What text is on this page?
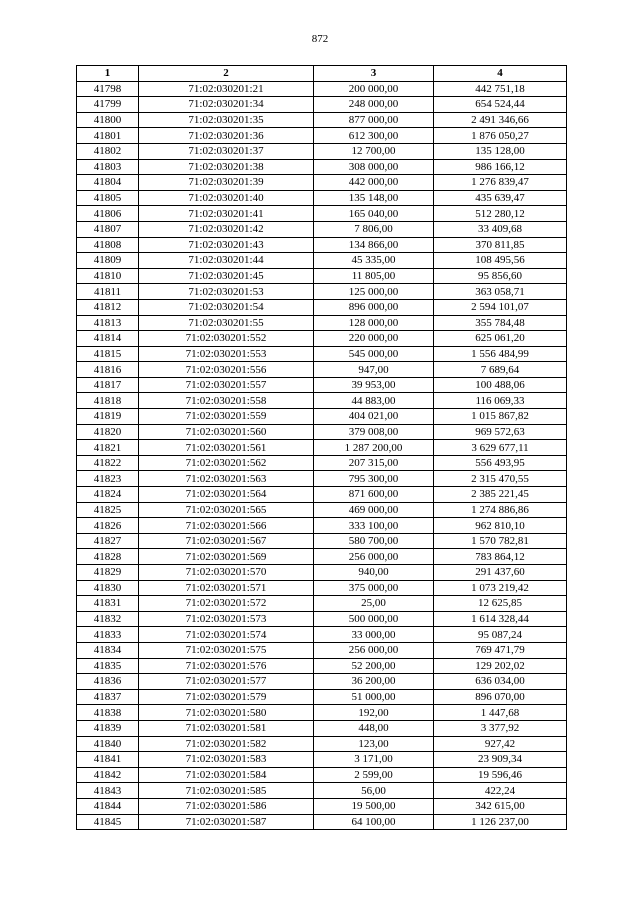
872
1	2	3	4
41798	71:02:030201:21	200 000,00	442 751,18
41799	71:02:030201:34	248 000,00	654 524,44
41800	71:02:030201:35	877 000,00	2 491 346,66
41801	71:02:030201:36	612 300,00	1 876 050,27
41802	71:02:030201:37	12 700,00	135 128,00
41803	71:02:030201:38	308 000,00	986 166,12
41804	71:02:030201:39	442 000,00	1 276 839,47
41805	71:02:030201:40	135 148,00	435 639,47
41806	71:02:030201:41	165 040,00	512 280,12
41807	71:02:030201:42	7 806,00	33 409,68
41808	71:02:030201:43	134 866,00	370 811,85
41809	71:02:030201:44	45 335,00	108 495,56
41810	71:02:030201:45	11 805,00	95 856,60
41811	71:02:030201:53	125 000,00	363 058,71
41812	71:02:030201:54	896 000,00	2 594 101,07
41813	71:02:030201:55	128 000,00	355 784,48
41814	71:02:030201:552	220 000,00	625 061,20
41815	71:02:030201:553	545 000,00	1 556 484,99
41816	71:02:030201:556	947,00	7 689,64
41817	71:02:030201:557	39 953,00	100 488,06
41818	71:02:030201:558	44 883,00	116 069,33
41819	71:02:030201:559	404 021,00	1 015 867,82
41820	71:02:030201:560	379 008,00	969 572,63
41821	71:02:030201:561	1 287 200,00	3 629 677,11
41822	71:02:030201:562	207 315,00	556 493,95
41823	71:02:030201:563	795 300,00	2 315 470,55
41824	71:02:030201:564	871 600,00	2 385 221,45
41825	71:02:030201:565	469 000,00	1 274 886,86
41826	71:02:030201:566	333 100,00	962 810,10
41827	71:02:030201:567	580 700,00	1 570 782,81
41828	71:02:030201:569	256 000,00	783 864,12
41829	71:02:030201:570	940,00	291 437,60
41830	71:02:030201:571	375 000,00	1 073 219,42
41831	71:02:030201:572	25,00	12 625,85
41832	71:02:030201:573	500 000,00	1 614 328,44
41833	71:02:030201:574	33 000,00	95 087,24
41834	71:02:030201:575	256 000,00	769 471,79
41835	71:02:030201:576	52 200,00	129 202,02
41836	71:02:030201:577	36 200,00	636 034,00
41837	71:02:030201:579	51 000,00	896 070,00
41838	71:02:030201:580	192,00	1 447,68
41839	71:02:030201:581	448,00	3 377,92
41840	71:02:030201:582	123,00	927,42
41841	71:02:030201:583	3 171,00	23 909,34
41842	71:02:030201:584	2 599,00	19 596,46
41843	71:02:030201:585	56,00	422,24
41844	71:02:030201:586	19 500,00	342 615,00
41845	71:02:030201:587	64 100,00	1 126 237,00
